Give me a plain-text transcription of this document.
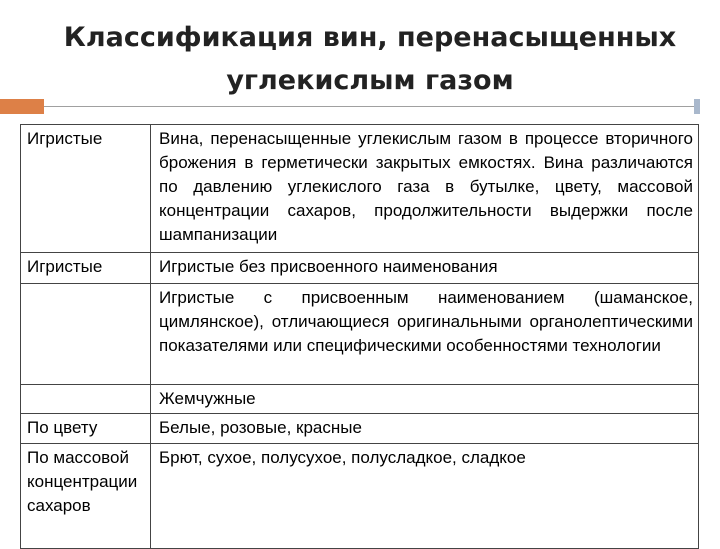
Классификация вин, перенасыщенных углекислым газом
Игристые	Вина, перенасыщенные углекислым газом в процессе вторичного брожения в герметически закрытых емкостях. Вина различаются по давлению углекислого газа в бутылке, цвету, массовой концентрации сахаров, продолжительности выдержки после шампанизации
Игристые	Игристые без присвоенного наименования
	Игристые с присвоенным наименованием (шаманское, цимлянское), отличающиеся оригинальными органолептическими показателями или специфическими особенностями технологии
	Жемчужные
По цвету	Белые, розовые, красные
По массовой концентрации сахаров	Брют, сухое, полусухое, полусладкое, сладкое
